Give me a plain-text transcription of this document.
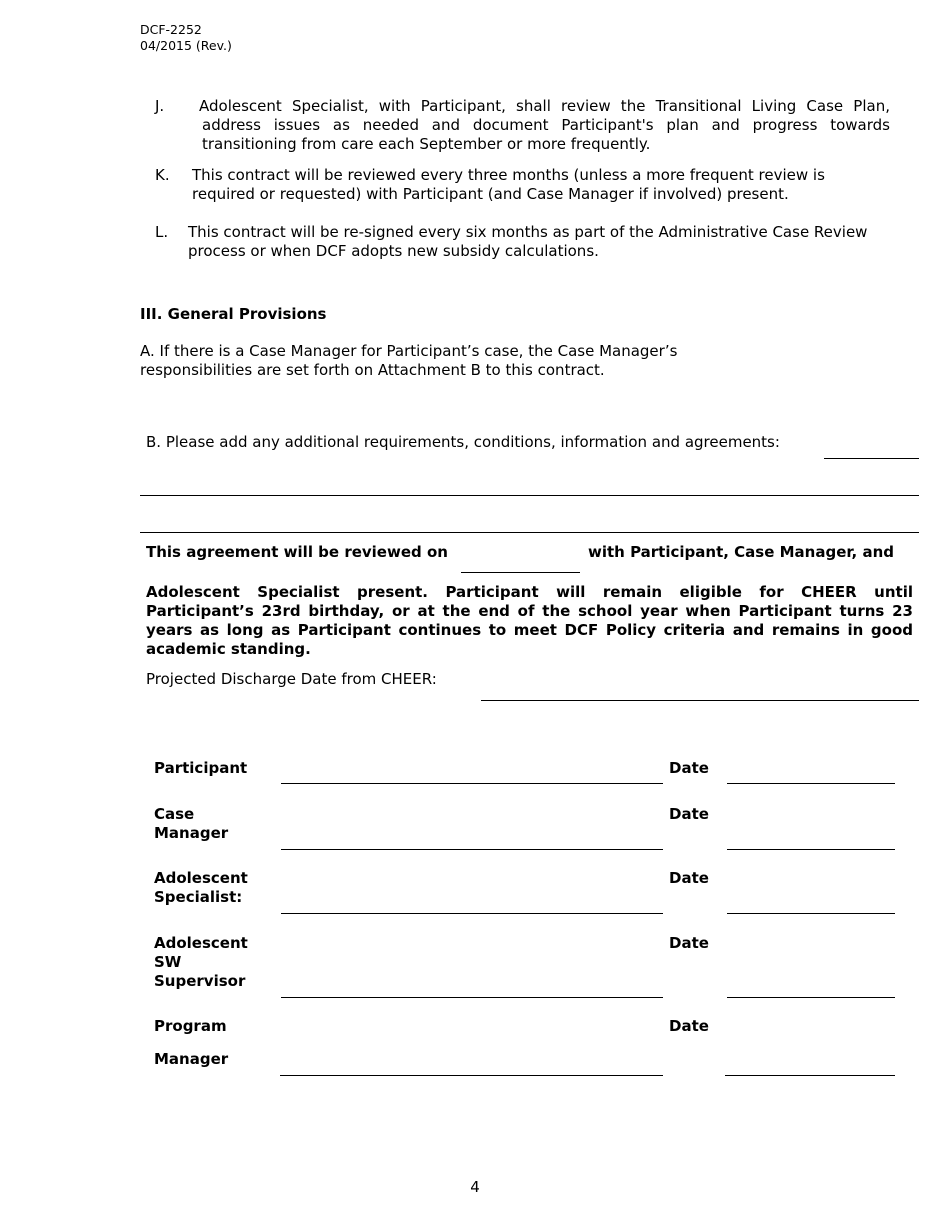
DCF-2252
04/2015 (Rev.)
J. Adolescent Specialist, with Participant, shall review the Transitional Living Case Plan, address issues as needed and document Participant's plan and progress towards transitioning from care each September or more frequently.
K. This contract will be reviewed every three months (unless a more frequent review is required or requested) with Participant (and Case Manager if involved) present.
L. This contract will be re-signed every six months as part of the Administrative Case Review process or when DCF adopts new subsidy calculations.
III. General Provisions
A. If there is a Case Manager for Participant’s case, the Case Manager’s responsibilities are set forth on Attachment B to this contract.
B. Please add any additional requirements, conditions, information and agreements:
This agreement will be reviewed on	with Participant, Case Manager, and
Adolescent Specialist present. Participant will remain eligible for CHEER until Participant’s 23rd birthday, or at the end of the school year when Participant turns 23 years as long as Participant continues to meet DCF Policy criteria and remains in good academic standing.
Projected Discharge Date from CHEER:
Participant	Date
Case
Manager
Date
Adolescent
Specialist:
Date
Adolescent
SW
Supervisor
Date
Program
Manager
Date
4
